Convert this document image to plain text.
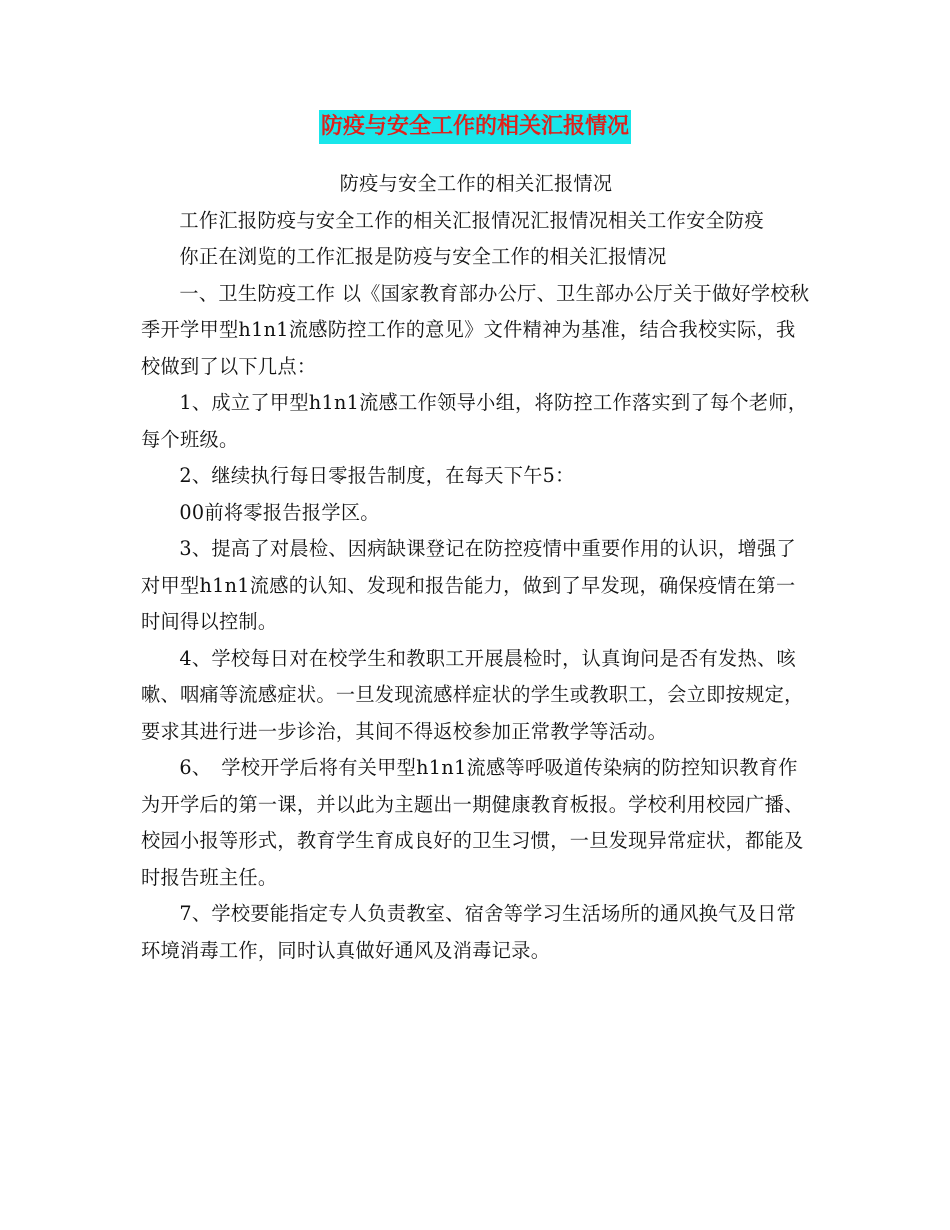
防疫与安全工作的相关汇报情况

防疫与安全工作的相关汇报情况

工作汇报防疫与安全工作的相关汇报情况汇报情况相关工作安全防疫

你正在浏览的工作汇报是防疫与安全工作的相关汇报情况

一、卫生防疫工作 以《国家教育部办公厅、卫生部办公厅关于做好学校秋季开学甲型h1n1流感防控工作的意见》文件精神为基准，结合我校实际，我校做到了以下几点：

1、成立了甲型h1n1流感工作领导小组，将防控工作落实到了每个老师，每个班级。

2、继续执行每日零报告制度，在每天下午5：

00前将零报告报学区。

3、提高了对晨检、因病缺课登记在防控疫情中重要作用的认识，增强了对甲型h1n1流感的认知、发现和报告能力，做到了早发现，确保疫情在第一时间得以控制。

4、学校每日对在校学生和教职工开展晨检时，认真询问是否有发热、咳嗽、咽痛等流感症状。一旦发现流感样症状的学生或教职工，会立即按规定，要求其进行进一步诊治，其间不得返校参加正常教学等活动。

6、　学校开学后将有关甲型h1n1流感等呼吸道传染病的防控知识教育作为开学后的第一课，并以此为主题出一期健康教育板报。学校利用校园广播、校园小报等形式，教育学生育成良好的卫生习惯，一旦发现异常症状，都能及时报告班主任。

7、学校要能指定专人负责教室、宿舍等学习生活场所的通风换气及日常环境消毒工作，同时认真做好通风及消毒记录。
